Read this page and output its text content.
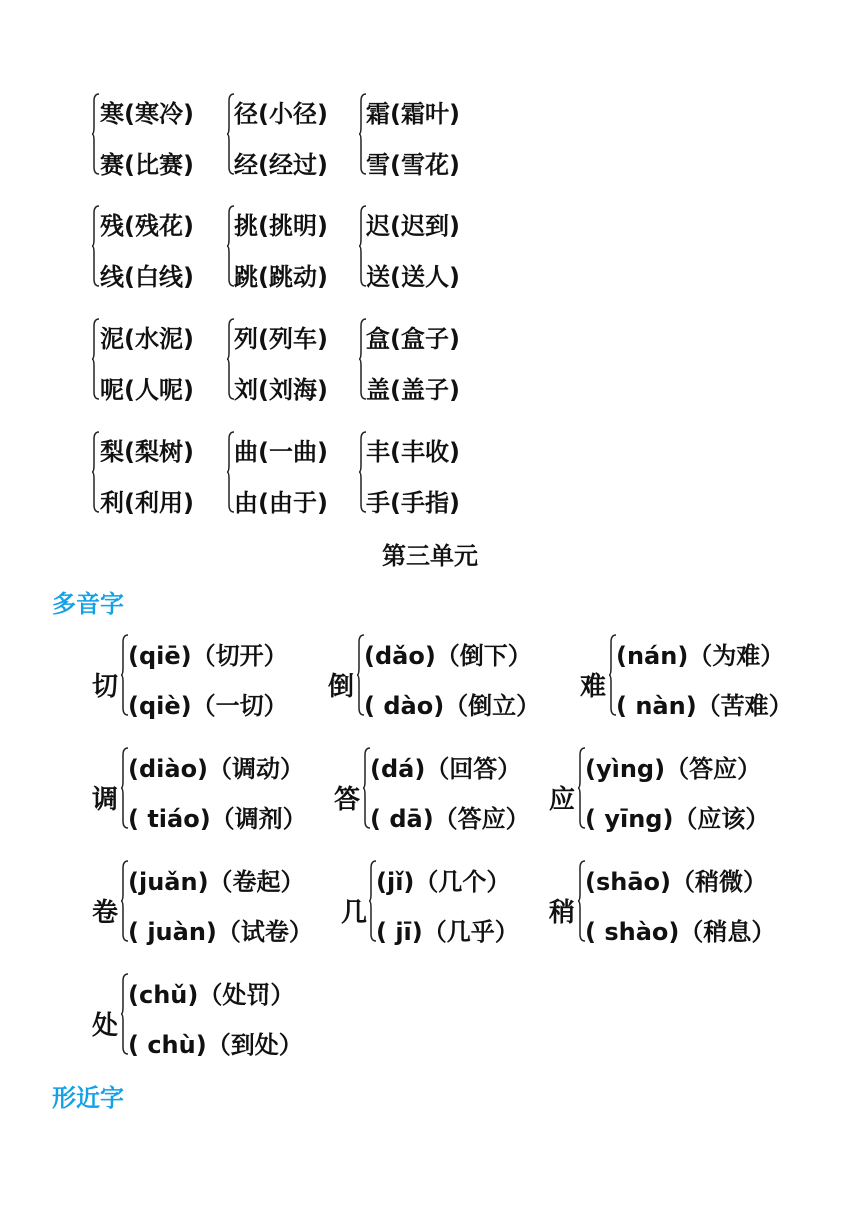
寒(寒冷)
赛(比赛)
径(小径)
经(经过)
霜(霜叶)
雪(雪花)
残(残花)
线(白线)
挑(挑明)
跳(跳动)
迟(迟到)
送(送人)
泥(水泥)
呢(人呢)
列(列车)
刘(刘海)
盒(盒子)
盖(盖子)
梨(梨树)
利(利用)
曲(一曲)
由(由于)
丰(丰收)
手(手指)
第三单元
多音字
切
(qiē)（切开）
(qiè)（一切）
倒
(dǎo)（倒下）
( dào)（倒立）
难
(nán)（为难）
( nàn)（苦难）
调
(diào)（调动）
( tiáo)（调剂）
答
(dá)（回答）
( dā)（答应）
应
(yìng)（答应）
( yīng)（应该）
卷
(juǎn)（卷起）
( juàn)（试卷）
几
(jǐ)（几个）
( jī)（几乎）
稍
(shāo)（稍微）
( shào)（稍息）
处
(chǔ)（处罚）
( chù)（到处）
形近字
